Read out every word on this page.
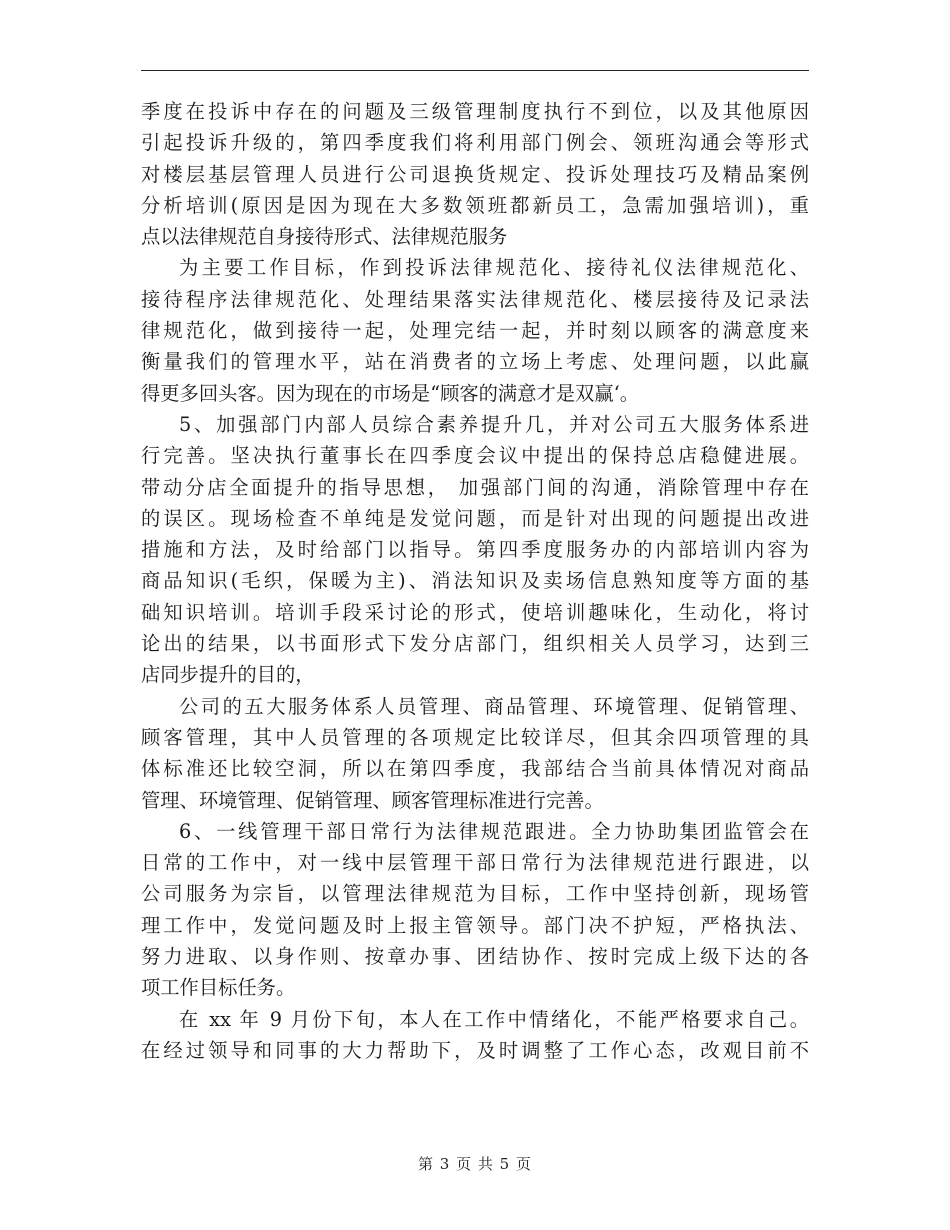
季度在投诉中存在的问题及三级管理制度执行不到位，以及其他原因
引起投诉升级的，第四季度我们将利用部门例会、领班沟通会等形式
对楼层基层管理人员进行公司退换货规定、投诉处理技巧及精品案例
分析培训(原因是因为现在大多数领班都新员工，急需加强培训)，重
点以法律规范自身接待形式、法律规范服务
为主要工作目标，作到投诉法律规范化、接待礼仪法律规范化、
接待程序法律规范化、处理结果落实法律规范化、楼层接待及记录法
律规范化，做到接待一起，处理完结一起，并时刻以顾客的满意度来
衡量我们的管理水平，站在消费者的立场上考虑、处理问题，以此赢
得更多回头客。因为现在的市场是“顾客的满意才是双赢‘。
5、加强部门内部人员综合素养提升几，并对公司五大服务体系进
行完善。坚决执行董事长在四季度会议中提出的保持总店稳健进展。
带动分店全面提升的指导思想， 加强部门间的沟通，消除管理中存在
的误区。现场检查不单纯是发觉问题，而是针对出现的问题提出改进
措施和方法，及时给部门以指导。第四季度服务办的内部培训内容为
商品知识(毛织，保暖为主)、消法知识及卖场信息熟知度等方面的基
础知识培训。培训手段采讨论的形式，使培训趣味化，生动化，将讨
论出的结果，以书面形式下发分店部门，组织相关人员学习，达到三
店同步提升的目的，
公司的五大服务体系人员管理、商品管理、环境管理、促销管理、
顾客管理，其中人员管理的各项规定比较详尽，但其余四项管理的具
体标准还比较空洞，所以在第四季度，我部结合当前具体情况对商品
管理、环境管理、促销管理、顾客管理标准进行完善。
6、一线管理干部日常行为法律规范跟进。全力协助集团监管会在
日常的工作中，对一线中层管理干部日常行为法律规范进行跟进，以
公司服务为宗旨，以管理法律规范为目标，工作中坚持创新，现场管
理工作中，发觉问题及时上报主管领导。部门决不护短，严格执法、
努力进取、以身作则、按章办事、团结协作、按时完成上级下达的各
项工作目标任务。
在 xx 年 9 月份下旬，本人在工作中情绪化，不能严格要求自己。
在经过领导和同事的大力帮助下，及时调整了工作心态，改观目前不
第 3 页 共 5 页
